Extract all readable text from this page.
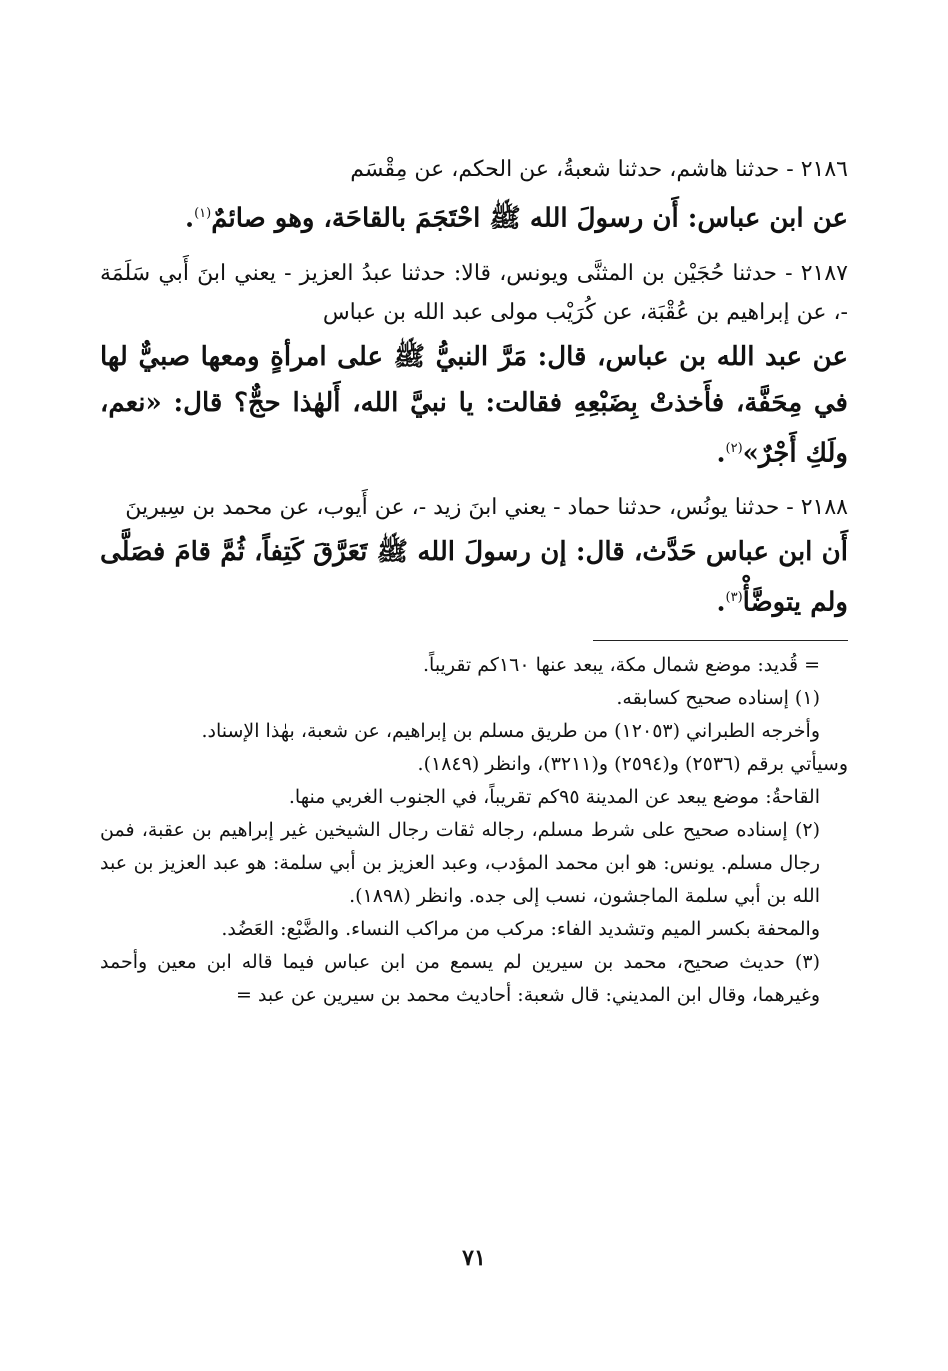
٢١٨٦ - حدثنا هاشم، حدثنا شعبةُ، عن الحكم، عن مِقْسَم

عن ابن عباس: أَن رسولَ الله ﷺ احْتَجَمَ بالقاحَة، وهو صائمٌ$^{(١)}$.

٢١٨٧ - حدثنا حُجَيْن بن المثنَّى ويونس، قالا: حدثنا عبدُ العزيز - يعني ابنَ أَبي سَلَمَة -، عن إبراهيم بن عُقْبَة، عن كُرَيْب مولى عبد الله بن عباس

عن عبد الله بن عباس، قال: مَرَّ النبيُّ ﷺ على امرأةٍ ومعها صبيٌّ لها في مِحَفَّة، فأَخذتْ بِضَبْعِهِ فقالت: يا نبيَّ الله، أَلهٰذا حجٌّ؟ قال: «نعم، ولَكِ أَجْرٌ»$^{(٢)}$.

٢١٨٨ - حدثنا يونُس، حدثنا حماد - يعني ابنَ زيد -، عن أَيوب، عن محمد بن سِيرينَ

أَن ابن عباس حَدَّث، قال: إن رسولَ الله ﷺ تَعَرَّقَ كَتِفاً، ثُمَّ قامَ فصَلَّى ولم يتوضَّأْ$^{(٣)}$.

= قُديد: موضع شمال مكة، يبعد عنها ١٦٠كم تقريباً.

(١) إسناده صحيح كسابقه.

وأخرجه الطبراني (١٢٠٥٣) من طريق مسلم بن إبراهيم، عن شعبة، بهٰذا الإسناد.

وسيأتي برقم (٢٥٣٦) و(٢٥٩٤) و(٣٢١١)، وانظر (١٨٤٩).

القاحةُ: موضع يبعد عن المدينة ٩٥كم تقريباً، في الجنوب الغربي منها.

(٢) إسناده صحيح على شرط مسلم، رجاله ثقات رجال الشيخين غير إبراهيم بن عقبة، فمن رجال مسلم. يونس: هو ابن محمد المؤدب، وعبد العزيز بن أبي سلمة: هو عبد العزيز بن عبد الله بن أبي سلمة الماجشون، نسب إلى جده. وانظر (١٨٩٨).

والمحفة بكسر الميم وتشديد الفاء: مركب من مراكب النساء. والضَّبْع: العَضُد.

(٣) حديث صحيح، محمد بن سيرين لم يسمع من ابن عباس فيما قاله ابن معين وأحمد وغيرهما، وقال ابن المديني: قال شعبة: أحاديث محمد بن سيرين عن عبد =

٧١
